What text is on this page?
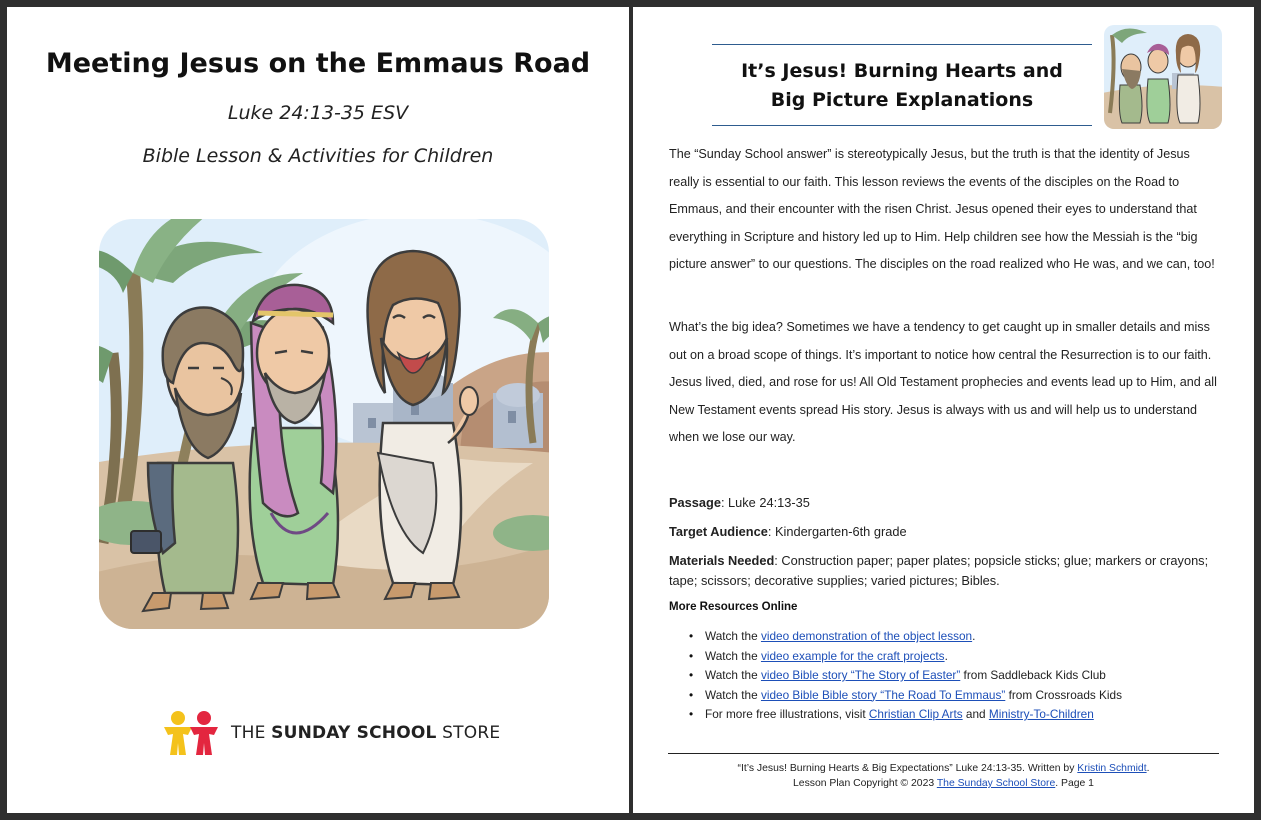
Meeting Jesus on the Emmaus Road
Luke 24:13-35 ESV
Bible Lesson & Activities for Children
THE SUNDAY SCHOOL STORE
It’s Jesus! Burning Hearts and
Big Picture Explanations
The “Sunday School answer” is stereotypically Jesus, but the truth is that the identity of Jesus really is essential to our faith. This lesson reviews the events of the disciples on the Road to Emmaus, and their encounter with the risen Christ. Jesus opened their eyes to understand that everything in Scripture and history led up to Him. Help children see how the Messiah is the “big picture answer” to our questions. The disciples on the road realized who He was, and we can, too!
What’s the big idea? Sometimes we have a tendency to get caught up in smaller details and miss out on a broad scope of things. It’s important to notice how central the Resurrection is to our faith. Jesus lived, died, and rose for us! All Old Testament prophecies and events lead up to Him, and all New Testament events spread His story. Jesus is always with us and will help us to understand when we lose our way.
Passage: Luke 24:13-35
Target Audience: Kindergarten-6th grade
Materials Needed: Construction paper; paper plates; popsicle sticks; glue; markers or crayons; tape; scissors; decorative supplies; varied pictures; Bibles.
More Resources Online
• Watch the video demonstration of the object lesson.
• Watch the video example for the craft projects.
• Watch the video Bible story “The Story of Easter” from Saddleback Kids Club
• Watch the video Bible Bible story “The Road To Emmaus” from Crossroads Kids
• For more free illustrations, visit Christian Clip Arts and Ministry-To-Children
“It’s Jesus! Burning Hearts & Big Expectations” Luke 24:13-35. Written by Kristin Schmidt.
Lesson Plan Copyright © 2023 The Sunday School Store. Page 1
